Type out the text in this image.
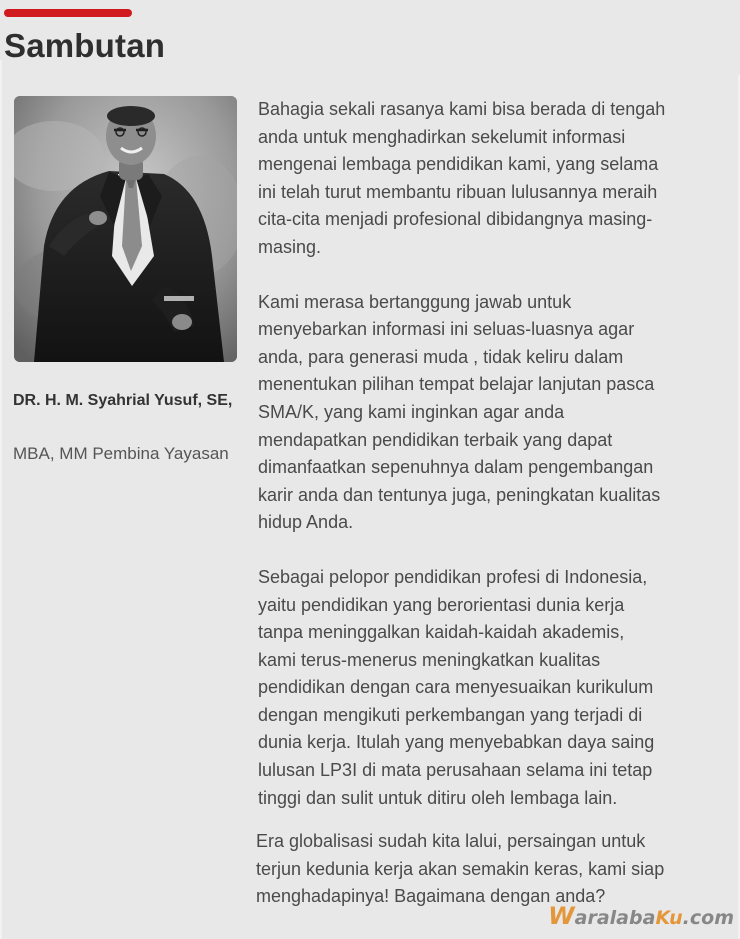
Sambutan

DR. H. M. Syahrial Yusuf, SE,

MBA, MM Pembina Yayasan

Bahagia sekali rasanya kami bisa berada di tengah
anda untuk menghadirkan sekelumit informasi
mengenai lembaga pendidikan kami, yang selama
ini telah turut membantu ribuan lulusannya meraih
cita-cita menjadi profesional dibidangnya masing-
masing.

Kami merasa bertanggung jawab untuk
menyebarkan informasi ini seluas-luasnya agar
anda, para generasi muda , tidak keliru dalam
menentukan pilihan tempat belajar lanjutan pasca
SMA/K, yang kami inginkan agar anda
mendapatkan pendidikan terbaik yang dapat
dimanfaatkan sepenuhnya dalam pengembangan
karir anda dan tentunya juga, peningkatan kualitas
hidup Anda.

Sebagai pelopor pendidikan profesi di Indonesia,
yaitu pendidikan yang berorientasi dunia kerja
tanpa meninggalkan kaidah-kaidah akademis,
kami terus-menerus meningkatkan kualitas
pendidikan dengan cara menyesuaikan kurikulum
dengan mengikuti perkembangan yang terjadi di
dunia kerja. Itulah yang menyebabkan daya saing
lulusan LP3I di mata perusahaan selama ini tetap
tinggi dan sulit untuk ditiru oleh lembaga lain.

Era globalisasi sudah kita lalui, persaingan untuk
terjun kedunia kerja akan semakin keras, kami siap
menghadapinya! Bagaimana dengan anda?

WaralabaKu.com
